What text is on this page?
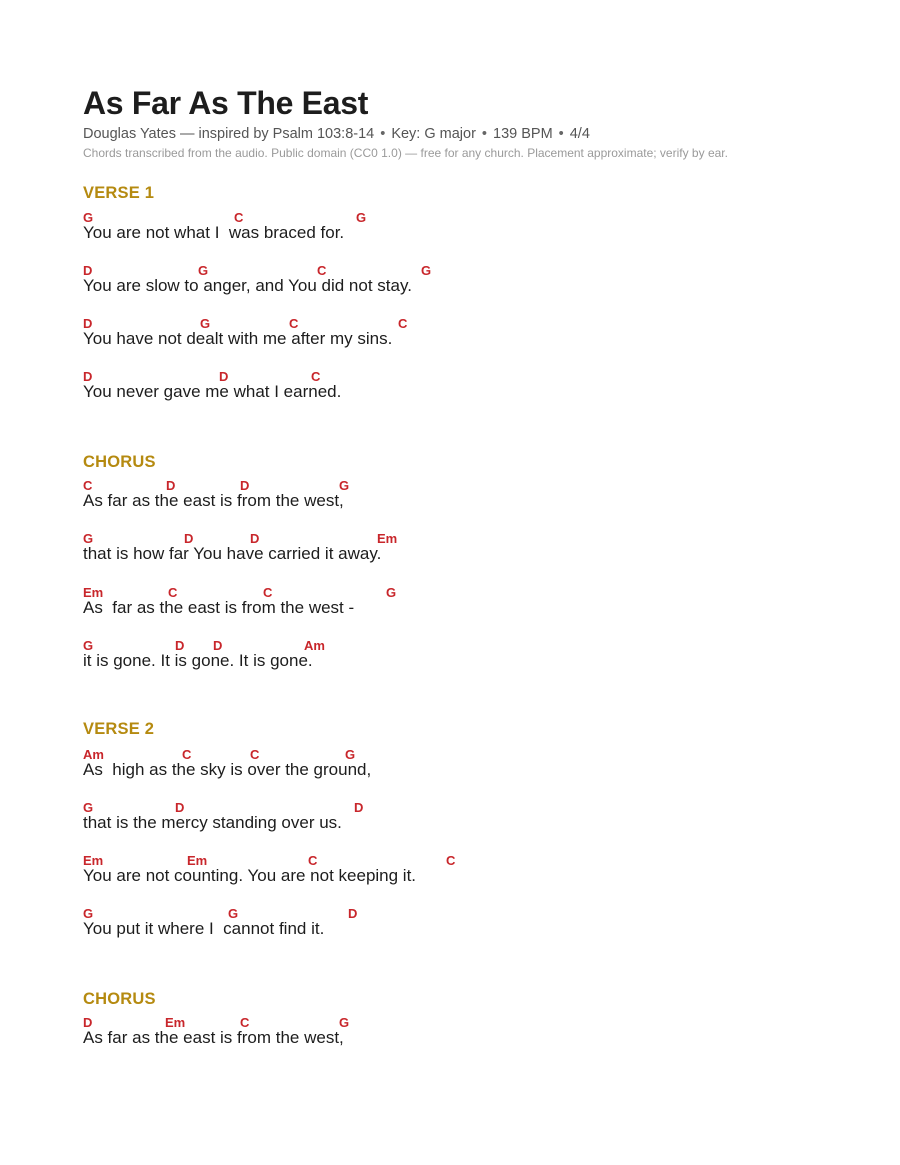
As Far As The East
Douglas Yates — inspired by Psalm 103:8-14 • Key: G major • 139 BPM • 4/4
Chords transcribed from the audio. Public domain (CC0 1.0) — free for any church. Placement approximate; verify by ear.
VERSE 1
G	C	G
You are not what I  was braced for.
D	G	C	G
You are slow to anger, and You did not stay.
D	G	C	C
You have not dealt with me after my sins.
D	D	C
You never gave me what I earned.
CHORUS
C	D	D	G
As far as the east is from the west,
G	D	D	Em
that is how far You have carried it away.
Em	C	C	G
As  far as the east is from the west -
G	D D	Am
it is gone. It is gone. It is gone.
VERSE 2
Am	C	C	G
As  high as the sky is over the ground,
G	D	D
that is the mercy standing over us.
Em	Em	C	C
You are not counting. You are not keeping it.
G	G	D
You put it where I  cannot find it.
CHORUS
D	Em	C	G
As far as the east is from the west,
